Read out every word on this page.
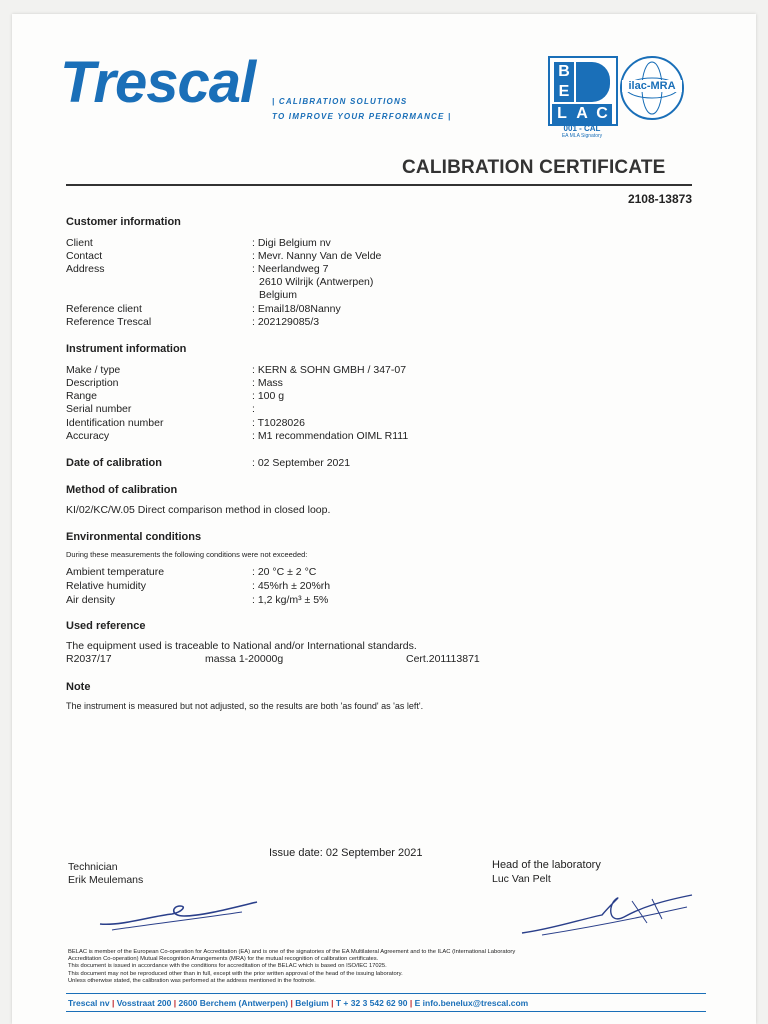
Trescal | CALIBRATION SOLUTIONS
TO IMPROVE YOUR PERFORMANCE |
B
E
L A C
001 - CAL
EA MLA Signatory
ilac-MRA
CALIBRATION CERTIFICATE
2108-13873
Customer information
Client	: Digi Belgium nv
Contact	: Mevr. Nanny Van de Velde
Address	: Neerlandweg 7
2610 Wilrijk (Antwerpen)
Belgium
Reference client	: Email18/08Nanny
Reference Trescal	: 202129085/3
Instrument information
Make / type	: KERN & SOHN GMBH / 347-07
Description	: Mass
Range	: 100 g
Serial number	:
Identification number	: T1028026
Accuracy	: M1 recommendation OIML R111
Date of calibration	: 02 September 2021
Method of calibration
KI/02/KC/W.05 Direct comparison method in closed loop.
Environmental conditions
During these measurements the following conditions were not exceeded:
Ambient temperature	: 20 °C ± 2 °C
Relative humidity	: 45%rh ± 20%rh
Air density	: 1,2 kg/m³ ± 5%
Used reference
The equipment used is traceable to National and/or International standards.
R2037/17	massa 1-20000g	Cert.201113871
Note
The instrument is measured but not adjusted, so the results are both 'as found' as 'as left'.
Issue date: 02 September 2021
Technician
Erik Meulemans
Head of the laboratory
Luc Van Pelt
BELAC is member of the European Co-operation for Accreditation (EA) and is one of the signatories of the EA Multilateral Agreement and to the ILAC (International Laboratory
Accreditation Co-operation) Mutual Recognition Arrangements (MRA) for the mutual recognition of calibration certificates.
This document is issued in accordance with the conditions for accreditation of the BELAC which is based on ISO/IEC 17025.
This document may not be reproduced other than in full, except with the prior written approval of the head of the issuing laboratory.
Unless otherwise stated, the calibration was performed at the address mentioned in the footnote.
Trescal nv | Vosstraat 200 | 2600 Berchem (Antwerpen) | Belgium | T + 32 3 542 62 90 | E info.benelux@trescal.com
